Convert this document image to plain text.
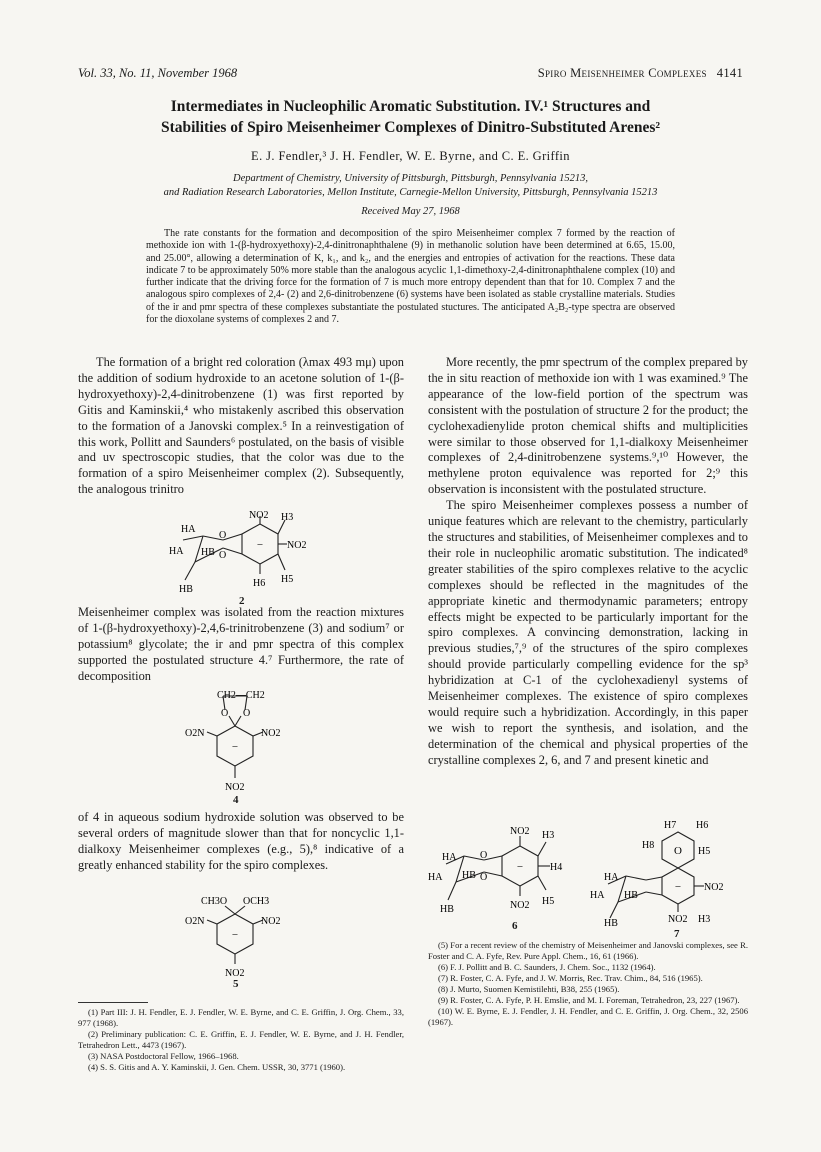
Vol. 33, No. 11, November 1968	Spiro Meisenheimer Complexes 4141
Intermediates in Nucleophilic Aromatic Substitution. IV.¹ Structures and
Stabilities of Spiro Meisenheimer Complexes of Dinitro-Substituted Arenes²
E. J. Fendler,³ J. H. Fendler, W. E. Byrne, and C. E. Griffin
Department of Chemistry, University of Pittsburgh, Pittsburgh, Pennsylvania 15213,
and Radiation Research Laboratories, Mellon Institute, Carnegie-Mellon University, Pittsburgh, Pennsylvania 15213
Received May 27, 1968
The rate constants for the formation and decomposition of the spiro Meisenheimer complex 7 formed by the reaction of methoxide ion with 1-(β-hydroxyethoxy)-2,4-dinitronaphthalene (9) in methanolic solution have been determined at 6.65, 15.00, and 25.00°, allowing a determination of K, k₁, and k₂, and the energies and entropies of activation for the reactions. These data indicate 7 to be approximately 50% more stable than the analogous acyclic 1,1-dimethoxy-2,4-dinitronaphthalene complex (10) and further indicate that the driving force for the formation of 7 is much more entropy dependent than that for 10. Complex 7 and the analogous spiro complexes of 2,4- (2) and 2,6-dinitrobenzene (6) systems have been isolated as stable crystalline materials. Studies of the ir and pmr spectra of these complexes substantiate the postulated stuctures. The anticipated A₂B₂-type spectra are observed for the dioxolane systems of complexes 2 and 7.

The formation of a bright red coloration (λmax 493 mμ) upon the addition of sodium hydroxide to an acetone solution of 1-(β-hydroxyethoxy)-2,4-dinitrobenzene (1) was first reported by Gitis and Kaminskii,⁴ who mistakenly ascribed this observation to the formation of a Janovski complex.⁵ In a reinvestigation of this work, Pollitt and Saunders⁶ postulated, on the basis of visible and uv spectroscopic studies, that the color was due to the formation of a spiro Meisenheimer complex (2). Subsequently, the analogous trinitro

−
HA
HA HB
HB
O
O
NO2 H3
NO2
H6 H5
2

Meisenheimer complex was isolated from the reaction mixtures of 1-(β-hydroxyethoxy)-2,4,6-trinitrobenzene (3) and sodium⁷ or potassium⁸ glycolate; the ir and pmr spectra of this complex supported the postulated structure 4.⁷ Furthermore, the rate of decomposition

−
CH2—CH2
O O
O2N	NO2
NO2
4

of 4 in aqueous sodium hydroxide solution was observed to be several orders of magnitude slower than that for noncyclic 1,1-dialkoxy Meisenheimer complexes (e.g., 5),⁸ indicative of a greatly enhanced stability for the spiro complexes.

−
CH3O OCH3
O2N	NO2
NO2
5
(1) Part III: J. H. Fendler, E. J. Fendler, W. E. Byrne, and C. E. Griffin, J. Org. Chem., 33, 977 (1968).
(2) Preliminary publication: C. E. Griffin, E. J. Fendler, W. E. Byrne, and J. H. Fendler, Tetrahedron Lett., 4473 (1967).
(3) NASA Postdoctoral Fellow, 1966–1968.
(4) S. S. Gitis and A. Y. Kaminskii, J. Gen. Chem. USSR, 30, 3771 (1960).

More recently, the pmr spectrum of the complex prepared by the in situ reaction of methoxide ion with 1 was examined.⁹ The appearance of the low-field portion of the spectrum was consistent with the postulation of structure 2 for the product; the cyclohexadienylide proton chemical shifts and multiplicities were similar to those observed for 1,1-dialkoxy Meisenheimer complexes of 2,4-dinitrobenzene systems.⁹,¹⁰ However, the methylene proton equivalence was reported for 2;⁹ this observation is inconsistent with the postulated structure.

The spiro Meisenheimer complexes possess a number of unique features which are relevant to the chemistry, particularly the structures and stabilities, of Meisenheimer complexes and to their role in nucleophilic aromatic substitution. The indicated⁸ greater stabilities of the spiro complexes relative to the acyclic complexes should be reflected in the magnitudes of the appropriate kinetic and thermodynamic parameters; entropy effects might be expected to be particularly important for the spiro complexes. A convincing demonstration, lacking in previous studies,⁷,⁹ of the structures of the spiro complexes should provide particularly compelling evidence for the sp³ hybridization at C-1 of the cyclohexadienyl systems of Meisenheimer complexes. The existence of spiro complexes would require such a hybridization. Accordingly, in this paper we wish to report the synthesis, and isolation, and the determination of the chemical and physical properties of the crystalline complexes 2, 6, and 7 and present kinetic and

−
HA
HA HB
HB
O
O
NO2 H3
H4
NO2 H5
6
O
−
H7 H6
H8
H5
HA
HA HB
HB
NO2
NO2 H3
7
(5) For a recent review of the chemistry of Meisenheimer and Janovski complexes, see R. Foster and C. A. Fyfe, Rev. Pure Appl. Chem., 16, 61 (1966).
(6) F. J. Pollitt and B. C. Saunders, J. Chem. Soc., 1132 (1964).
(7) R. Foster, C. A. Fyfe, and J. W. Morris, Rec. Trav. Chim., 84, 516 (1965).
(8) J. Murto, Suomen Kemistilehti, B38, 255 (1965).
(9) R. Foster, C. A. Fyfe, P. H. Emslie, and M. I. Foreman, Tetrahedron, 23, 227 (1967).
(10) W. E. Byrne, E. J. Fendler, J. H. Fendler, and C. E. Griffin, J. Org. Chem., 32, 2506 (1967).
